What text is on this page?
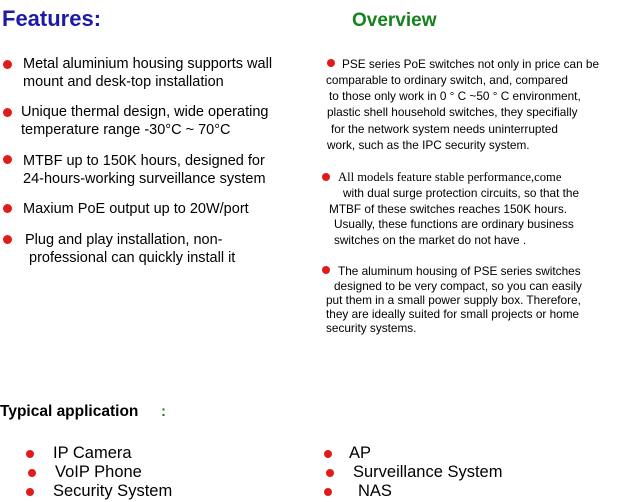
Features:	Overview
Metal aluminium housing supports wall
mount and desk-top installation
Unique thermal design, wide operating
temperature range -30°C ~ 70°C
MTBF up to 150K hours, designed for
24-hours-working surveillance system
Maxium PoE output up to 20W/port
Plug and play installation, non-
professional can quickly install it
PSE series PoE switches not only in price can be
comparable to ordinary switch, and, compared
to those only work in 0 ° C ~50 ° C environment,
plastic shell household switches, they specifially
for the network system needs uninterrupted
work, such as the IPC security system.
All models feature stable performance,come
with dual surge protection circuits, so that the
MTBF of these switches reaches 150K hours.
Usually, these functions are ordinary business
switches on the market do not have .
The aluminum housing of PSE series switches
designed to be very compact, so you can easily
put them in a small power supply box. Therefore,
they are ideally suited for small projects or home
security systems.
Typical application :
IP Camera
VoIP Phone
Security System
AP
Surveillance System
NAS
